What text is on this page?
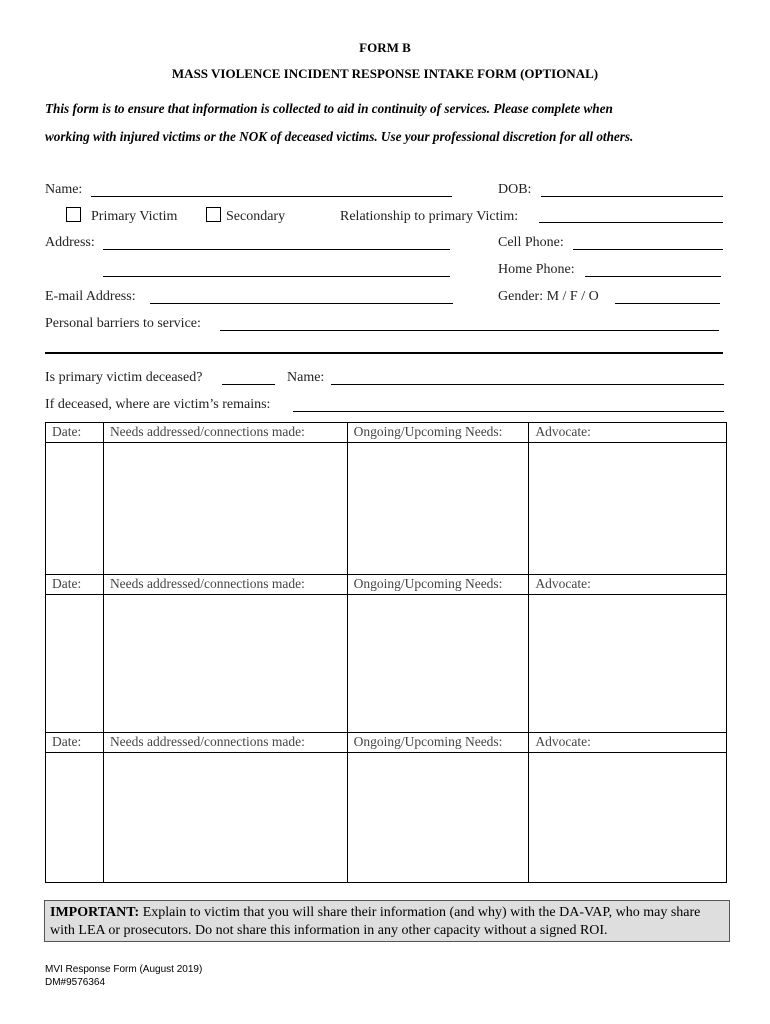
FORM B
MASS VIOLENCE INCIDENT RESPONSE INTAKE FORM (OPTIONAL)
This form is to ensure that information is collected to aid in continuity of services. Please complete when
working with injured victims or the NOK of deceased victims. Use your professional discretion for all others.
Name:	DOB:
Primary Victim	Secondary	Relationship to primary Victim:
Address:	Cell Phone:
Home Phone:
E-mail Address:	Gender: M / F / O
Personal barriers to service:
Is primary victim deceased?	Name:
If deceased, where are victim’s remains:
Date:	Needs addressed/connections made:	Ongoing/Upcoming Needs:	Advocate:

Date:	Needs addressed/connections made:	Ongoing/Upcoming Needs:	Advocate:

Date:	Needs addressed/connections made:	Ongoing/Upcoming Needs:	Advocate:

IMPORTANT: Explain to victim that you will share their information (and why) with the DA-VAP, who may share with LEA or prosecutors. Do not share this information in any other capacity without a signed ROI.
MVI Response Form (August 2019)
DM#9576364
